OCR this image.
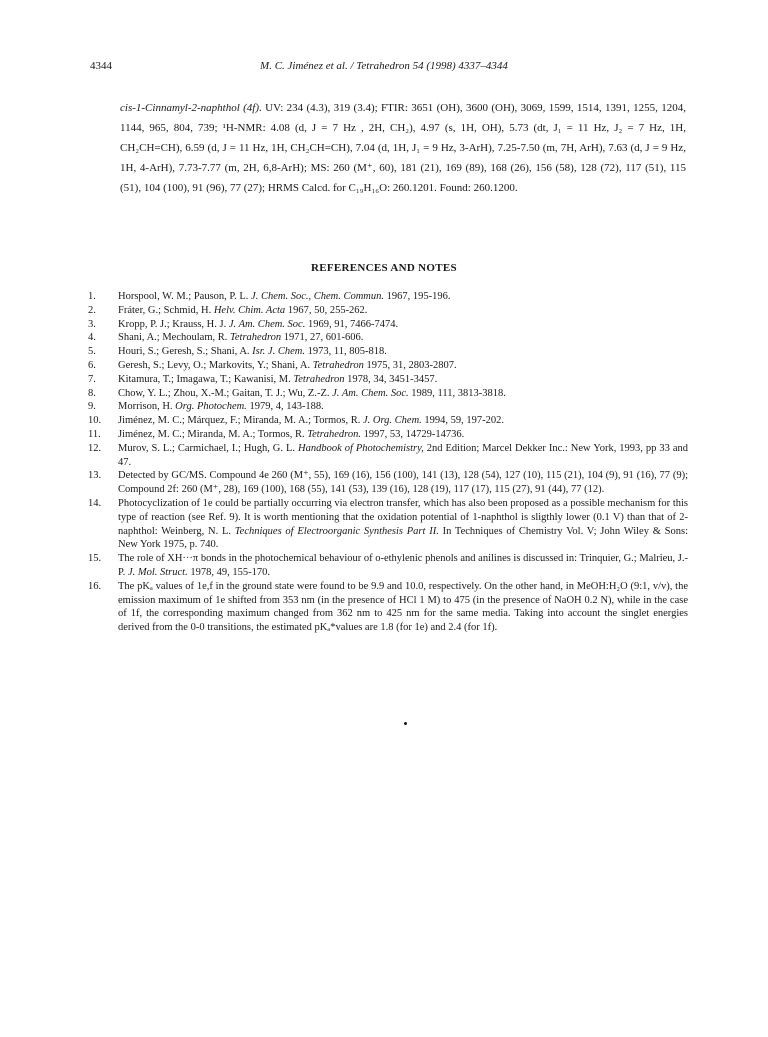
4344	M. C. Jiménez et al. / Tetrahedron 54 (1998) 4337–4344

cis-1-Cinnamyl-2-naphthol (4f). UV: 234 (4.3), 319 (3.4); FTIR: 3651 (OH), 3600 (OH), 3069, 1599, 1514, 1391, 1255, 1204, 1144, 965, 804, 739; ¹H-NMR: 4.08 (d, J = 7 Hz , 2H, CH₂), 4.97 (s, 1H, OH), 5.73 (dt, J₁ = 11 Hz, J₂ = 7 Hz, 1H, CH₂CH=CH), 6.59 (d, J = 11 Hz, 1H, CH₂CH=CH), 7.04 (d, 1H, J₁ = 9 Hz, 3-ArH), 7.25-7.50 (m, 7H, ArH), 7.63 (d, J = 9 Hz, 1H, 4-ArH), 7.73-7.77 (m, 2H, 6,8-ArH); MS: 260 (M⁺, 60), 181 (21), 169 (89), 168 (26), 156 (58), 128 (72), 117 (51), 115 (51), 104 (100), 91 (96), 77 (27); HRMS Calcd. for C₁₉H₁₆O: 260.1201. Found: 260.1200.

REFERENCES AND NOTES
1.	Horspool, W. M.; Pauson, P. L. J. Chem. Soc., Chem. Commun. 1967, 195-196.
2.	Fráter, G.; Schmid, H. Helv. Chim. Acta 1967, 50, 255-262.
3.	Kropp, P. J.; Krauss, H. J. J. Am. Chem. Soc. 1969, 91, 7466-7474.
4.	Shani, A.; Mechoulam, R. Tetrahedron 1971, 27, 601-606.
5.	Houri, S.; Geresh, S.; Shani, A. Isr. J. Chem. 1973, 11, 805-818.
6.	Geresh, S.; Levy, O.; Markovits, Y.; Shani, A. Tetrahedron 1975, 31, 2803-2807.
7.	Kitamura, T.; Imagawa, T.; Kawanisi, M. Tetrahedron 1978, 34, 3451-3457.
8.	Chow, Y. L.; Zhou, X.-M.; Gaitan, T. J.; Wu, Z.-Z. J. Am. Chem. Soc. 1989, 111, 3813-3818.
9.	Morrison, H. Org. Photochem. 1979, 4, 143-188.
10.	Jiménez, M. C.; Márquez, F.; Miranda, M. A.; Tormos, R. J. Org. Chem. 1994, 59, 197-202.
11.	Jiménez, M. C.; Miranda, M. A.; Tormos, R. Tetrahedron. 1997, 53, 14729-14736.
12.	Murov, S. L.; Carmichael, I.; Hugh, G. L. Handbook of Photochemistry, 2nd Edition; Marcel Dekker Inc.: New York, 1993, pp 33 and 47.
13.	Detected by GC/MS. Compound 4e 260 (M⁺, 55), 169 (16), 156 (100), 141 (13), 128 (54), 127 (10), 115 (21), 104 (9), 91 (16), 77 (9); Compound 2f: 260 (M⁺, 28), 169 (100), 168 (55), 141 (53), 139 (16), 128 (19), 117 (17), 115 (27), 91 (44), 77 (12).
14.	Photocyclization of 1e could be partially occurring via electron transfer, which has also been proposed as a possible mechanism for this type of reaction (see Ref. 9). It is worth mentioning that the oxidation potential of 1-naphthol is sligthly lower (0.1 V) than that of 2-naphthol: Weinberg, N. L. Techniques of Electroorganic Synthesis Part II. In Techniques of Chemistry Vol. V; John Wiley & Sons: New York 1975, p. 740.
15.	The role of XH···π bonds in the photochemical behaviour of o-ethylenic phenols and anilines is discussed in: Trinquier, G.; Malrieu, J.-P. J. Mol. Struct. 1978, 49, 155-170.
16.	The pKₐ values of 1e,f in the ground state were found to be 9.9 and 10.0, respectively. On the other hand, in MeOH:H₂O (9:1, v/v), the emission maximum of 1e shifted from 353 nm (in the presence of HCl 1 M) to 475 (in the presence of NaOH 0.2 N), while in the case of 1f, the corresponding maximum changed from 362 nm to 425 nm for the same media. Taking into account the singlet energies derived from the 0-0 transitions, the estimated pKₐ*values are 1.8 (for 1e) and 2.4 (for 1f).
